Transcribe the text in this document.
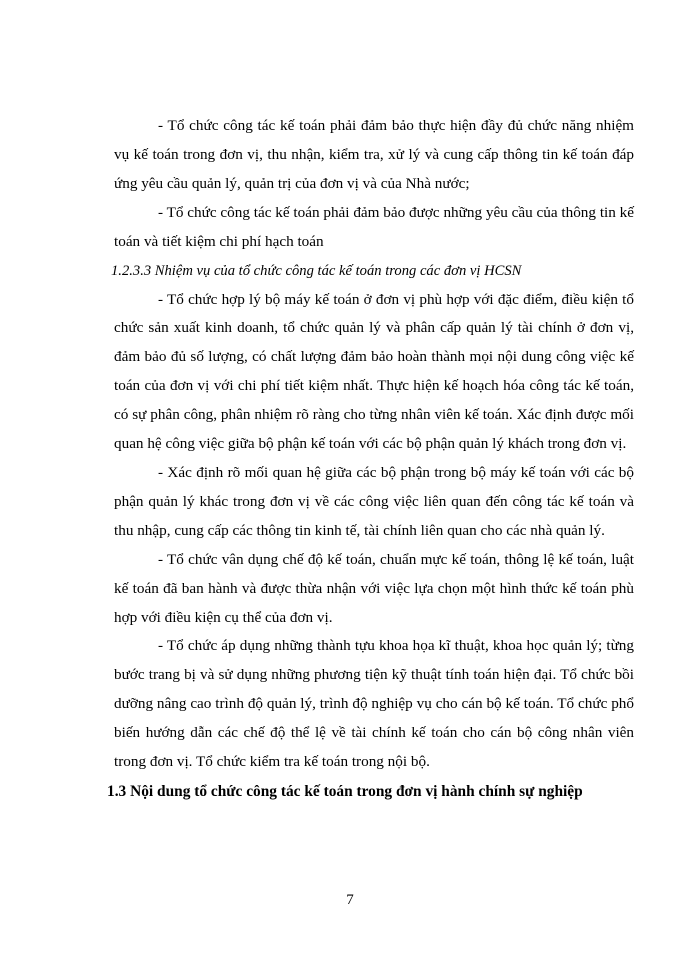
- Tổ chức công tác kế toán phải đảm bảo thực hiện đầy đủ chức năng nhiệm vụ kế toán trong đơn vị, thu nhận, kiểm tra, xử lý và cung cấp thông tin kế toán đáp ứng yêu cầu quản lý, quản trị của đơn vị và của Nhà nước;

- Tổ chức công tác kế toán phải đảm bảo được những yêu cầu của thông tin kế toán và tiết kiệm chi phí hạch toán

1.2.3.3 Nhiệm vụ của tổ chức công tác kế toán trong các đơn vị HCSN

- Tổ chức hợp lý bộ máy kế toán ở đơn vị phù hợp với đặc điểm, điều kiện tổ chức sản xuất kinh doanh, tổ chức quản lý và phân cấp quản lý tài chính ở đơn vị, đảm bảo đủ số lượng, có chất lượng đảm bảo hoàn thành mọi nội dung công việc kế toán của đơn vị với chi phí tiết kiệm nhất. Thực hiện kế hoạch hóa công tác kế toán, có sự phân công, phân nhiệm rõ ràng cho từng nhân viên kế toán. Xác định được mối quan hệ công việc giữa bộ phận kế toán với các bộ phận quản lý khách trong đơn vị.

- Xác định rõ mối quan hệ giữa các bộ phận trong bộ máy kế toán với các bộ phận quản lý khác trong đơn vị về các công việc liên quan đến công tác kế toán và thu nhập, cung cấp các thông tin kinh tế, tài chính liên quan cho các nhà quản lý.

- Tổ chức vân dụng chế độ kế toán, chuẩn mực kế toán, thông lệ kế toán, luật kế toán đã ban hành và được thừa nhận với việc lựa chọn một hình thức kế toán phù hợp với điều kiện cụ thể của đơn vị.

- Tổ chức áp dụng những thành tựu khoa họa kĩ thuật, khoa học quản lý; từng bước trang bị và sử dụng những phương tiện kỹ thuật tính toán hiện đại. Tổ chức bồi dưỡng nâng cao trình độ quản lý, trình độ nghiệp vụ cho cán bộ kế toán. Tổ chức phổ biến hướng dẫn các chế độ thể lệ về tài chính kế toán cho cán bộ công nhân viên trong đơn vị. Tổ chức kiểm tra kế toán trong nội bộ.

1.3 Nội dung tổ chức công tác kế toán trong đơn vị hành chính sự nghiệp

7
